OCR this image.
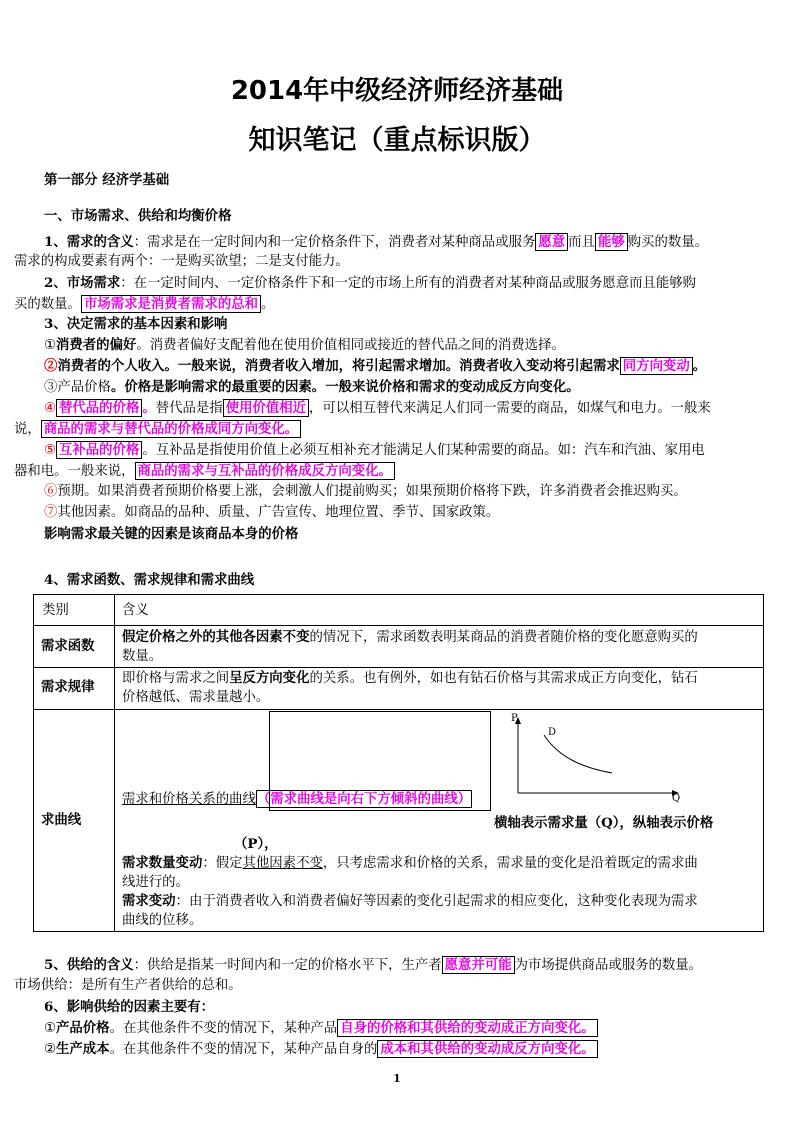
2014年中级经济师经济基础
知识笔记（重点标识版）
第一部分 经济学基础
一、市场需求、供给和均衡价格
1、需求的含义：需求是在一定时间内和一定价格条件下，消费者对某种商品或服务 愿意 而且 能够 购买的数量。
需求的构成要素有两个：一是购买欲望；二是支付能力。
2、市场需求：在一定时间内、一定价格条件下和一定的市场上所有的消费者对某种商品或服务愿意而且能够购
买的数量。 市场需求是消费者需求的总和 。
3、决定需求的基本因素和影响
①消费者的偏好。消费者偏好支配着他在使用价值相同或接近的替代品之间的消费选择。
②消费者的个人收入。一般来说，消费者收入增加，将引起需求增加。消费者收入变动将引起需求 同方向变动 。
③产品价格。价格是影响需求的最重要的因素。一般来说价格和需求的变动成反方向变化。
④ 替代品的价格 。替代品是指 使用价值相近 ，可以相互替代来满足人们同一需要的商品，如煤气和电力。一般来
说， 商品的需求与替代品的价格成同方向变化。
⑤ 互补品的价格 。互补品是指使用价值上必须互相补充才能满足人们某种需要的商品。如：汽车和汽油、家用电
器和电。一般来说， 商品的需求与互补品的价格成反方向变化。
⑥预期。如果消费者预期价格要上涨，会刺激人们提前购买；如果预期价格将下跌，许多消费者会推迟购买。
⑦其他因素。如商品的品种、质量、广告宣传、地理位置、季节、国家政策。
影响需求最关键的因素是该商品本身的价格
4、需求函数、需求规律和需求曲线
类别	含义
需求函数
假定价格之外的其他各因素不变的情况下，需求函数表明某商品的消费者随价格的变化愿意购买的
数量。
需求规律
即价格与需求之间呈反方向变化的关系。也有例外，如也有钻石价格与其需求成正方向变化，钻石
价格越低、需求量越小。
求曲线
P
D
Q
需求和价格关系的曲线（需求曲线是向右下方倾斜的曲线）
横轴表示需求量（Q），纵轴表示价格
（P），
需求数量变动：假定其他因素不变，只考虑需求和价格的关系，需求量的变化是沿着既定的需求曲
线进行的。
需求变动：由于消费者收入和消费者偏好等因素的变化引起需求的相应变化，这种变化表现为需求
曲线的位移。
5、供给的含义：供给是指某一时间内和一定的价格水平下，生产者 愿意并可能 为市场提供商品或服务的数量。
市场供给：是所有生产者供给的总和。
6、影响供给的因素主要有：
①产品价格。在其他条件不变的情况下，某种产品 自身的价格和其供给的变动成正方向变化。
②生产成本。在其他条件不变的情况下，某种产品自身的 成本和其供给的变动成反方向变化。
1
